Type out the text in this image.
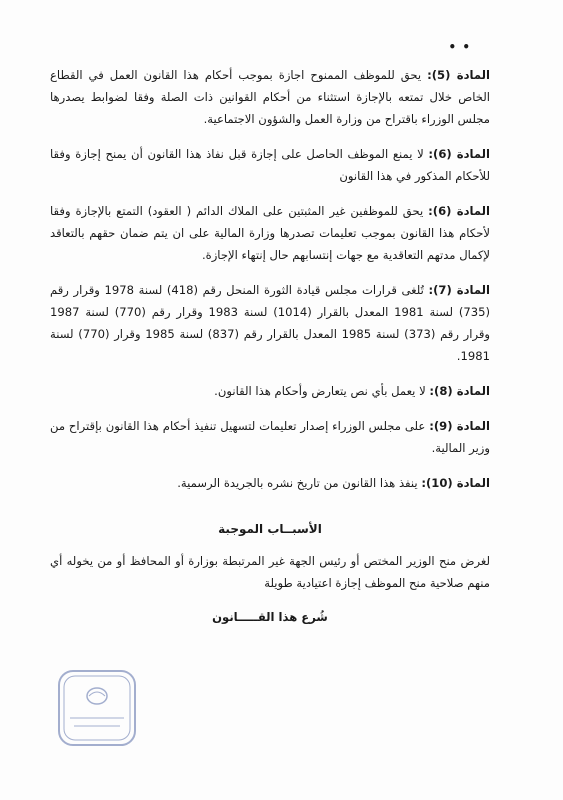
• •

المادة (5): يحق للموظف الممنوح اجازة بموجب أحكام هذا القانون العمل في القطاع الخاص خلال تمتعه بالإجازة استثناء من أحكام القوانين ذات الصلة وفقا لضوابط يصدرها مجلس الوزراء باقتراح من وزارة العمل والشؤون الاجتماعية.

المادة (6): لا يمنع الموظف الحاصل على إجازة قبل نفاذ هذا القانون أن يمنح إجازة وفقا للأحكام المذكور في هذا القانون

المادة (6): يحق للموظفين غير المثبتين على الملاك الدائم ( العقود) التمتع بالإجازة وفقا لأحكام هذا القانون بموجب تعليمات تصدرها وزارة المالية على ان يتم ضمان حقهم بالتعاقد لإكمال مدتهم التعاقدية مع جهات إنتسابهم حال إنتهاء الإجازة.

المادة (7): تُلغى قرارات مجلس قيادة الثورة المنحل رقم (418) لسنة 1978 وقرار رقم (735) لسنة 1981 المعدل بالقرار (1014) لسنة 1983 وقرار رقم (770) لسنة 1987 وقرار رقم (373) لسنة 1985 المعدل بالقرار رقم (837) لسنة 1985 وقرار (770) لسنة 1981.

المادة (8): لا يعمل بأي نص يتعارض وأحكام هذا القانون.

المادة (9): على مجلس الوزراء إصدار تعليمات لتسهيل تنفيذ أحكام هذا القانون بإقتراح من وزير المالية.

المادة (10): ينفذ هذا القانون من تاريخ نشره بالجريدة الرسمية.

الأسبــاب الموجبة

لغرض منح الوزير المختص أو رئيس الجهة غير المرتبطة بوزارة أو المحافظ أو من يخوله أي منهم صلاحية منح الموظف إجازة اعتيادية طويلة

شُرع هذا القـــــانون
